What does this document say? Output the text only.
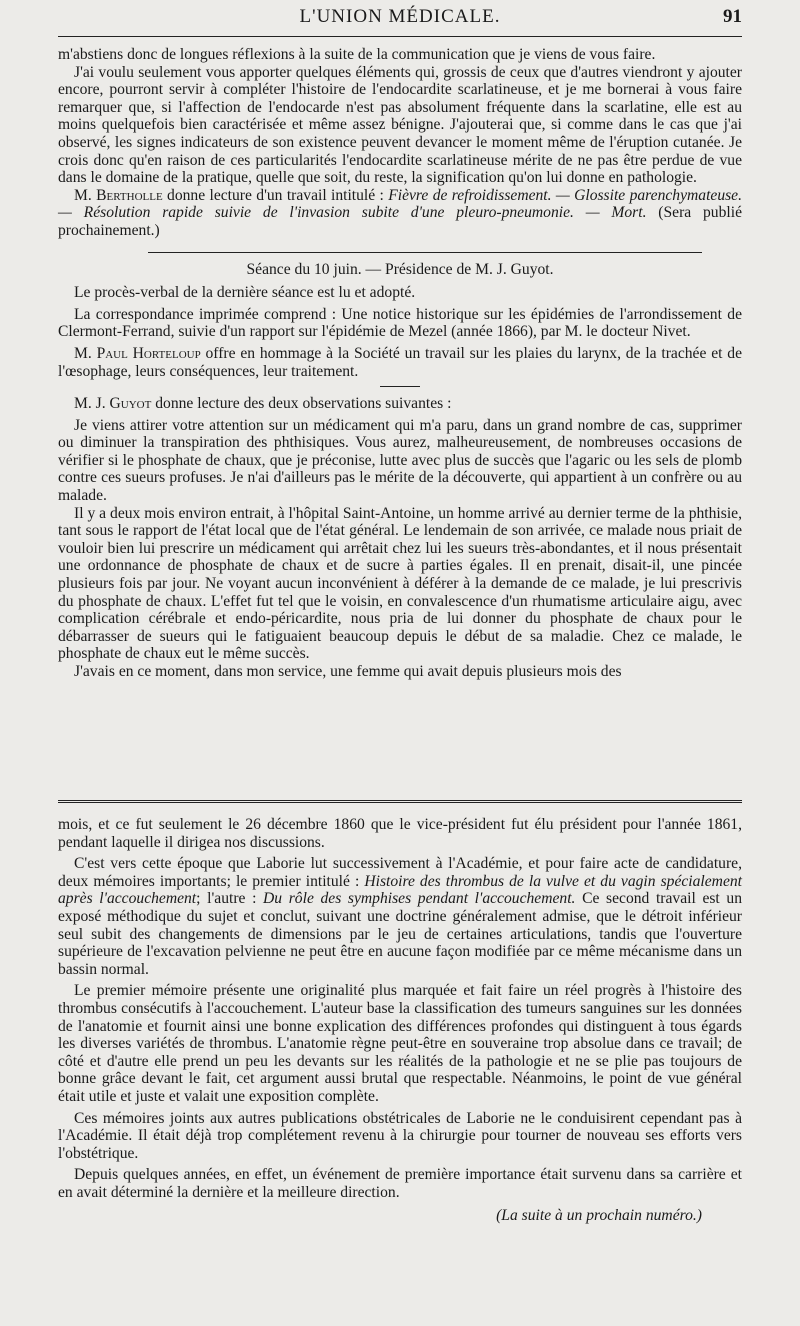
L'UNION MÉDICALE.	91

m'abstiens donc de longues réflexions à la suite de la communication que je viens de vous faire.

J'ai voulu seulement vous apporter quelques éléments qui, grossis de ceux que d'autres viendront y ajouter encore, pourront servir à compléter l'histoire de l'endocardite scarlatineuse, et je me bornerai à vous faire remarquer que, si l'affection de l'endocarde n'est pas absolument fréquente dans la scarlatine, elle est au moins quelquefois bien caractérisée et même assez bénigne. J'ajouterai que, si comme dans le cas que j'ai observé, les signes indicateurs de son existence peuvent devancer le moment même de l'éruption cutanée. Je crois donc qu'en raison de ces particularités l'endocardite scarlatineuse mérite de ne pas être perdue de vue dans le domaine de la pratique, quelle que soit, du reste, la signification qu'on lui donne en pathologie.

M. Bertholle donne lecture d'un travail intitulé : Fièvre de refroidissement. — Glossite parenchymateuse. — Résolution rapide suivie de l'invasion subite d'une pleuro-pneumonie. — Mort. (Sera publié prochainement.)

Séance du 10 juin. — Présidence de M. J. Guyot.

Le procès-verbal de la dernière séance est lu et adopté.

La correspondance imprimée comprend : Une notice historique sur les épidémies de l'arrondissement de Clermont-Ferrand, suivie d'un rapport sur l'épidémie de Mezel (année 1866), par M. le docteur Nivet.

M. Paul Horteloup offre en hommage à la Société un travail sur les plaies du larynx, de la trachée et de l'œsophage, leurs conséquences, leur traitement.

M. J. Guyot donne lecture des deux observations suivantes :

Je viens attirer votre attention sur un médicament qui m'a paru, dans un grand nombre de cas, supprimer ou diminuer la transpiration des phthisiques. Vous aurez, malheureusement, de nombreuses occasions de vérifier si le phosphate de chaux, que je préconise, lutte avec plus de succès que l'agaric ou les sels de plomb contre ces sueurs profuses. Je n'ai d'ailleurs pas le mérite de la découverte, qui appartient à un confrère ou au malade.

Il y a deux mois environ entrait, à l'hôpital Saint-Antoine, un homme arrivé au dernier terme de la phthisie, tant sous le rapport de l'état local que de l'état général. Le lendemain de son arrivée, ce malade nous priait de vouloir bien lui prescrire un médicament qui arrêtait chez lui les sueurs très-abondantes, et il nous présentait une ordonnance de phosphate de chaux et de sucre à parties égales. Il en prenait, disait-il, une pincée plusieurs fois par jour. Ne voyant aucun inconvénient à déférer à la demande de ce malade, je lui prescrivis du phosphate de chaux. L'effet fut tel que le voisin, en convalescence d'un rhumatisme articulaire aigu, avec complication cérébrale et endo-péricardite, nous pria de lui donner du phosphate de chaux pour le débarrasser de sueurs qui le fatiguaient beaucoup depuis le début de sa maladie. Chez ce malade, le phosphate de chaux eut le même succès.

J'avais en ce moment, dans mon service, une femme qui avait depuis plusieurs mois des

mois, et ce fut seulement le 26 décembre 1860 que le vice-président fut élu président pour l'année 1861, pendant laquelle il dirigea nos discussions.

C'est vers cette époque que Laborie lut successivement à l'Académie, et pour faire acte de candidature, deux mémoires importants; le premier intitulé : Histoire des thrombus de la vulve et du vagin spécialement après l'accouchement; l'autre : Du rôle des symphises pendant l'accouchement. Ce second travail est un exposé méthodique du sujet et conclut, suivant une doctrine généralement admise, que le détroit inférieur seul subit des changements de dimensions par le jeu de certaines articulations, tandis que l'ouverture supérieure de l'excavation pelvienne ne peut être en aucune façon modifiée par ce même mécanisme dans un bassin normal.

Le premier mémoire présente une originalité plus marquée et fait faire un réel progrès à l'histoire des thrombus consécutifs à l'accouchement. L'auteur base la classification des tumeurs sanguines sur les données de l'anatomie et fournit ainsi une bonne explication des différences profondes qui distinguent à tous égards les diverses variétés de thrombus. L'anatomie règne peut-être en souveraine trop absolue dans ce travail; de côté et d'autre elle prend un peu les devants sur les réalités de la pathologie et ne se plie pas toujours de bonne grâce devant le fait, cet argument aussi brutal que respectable. Néanmoins, le point de vue général était utile et juste et valait une exposition complète.

Ces mémoires joints aux autres publications obstétricales de Laborie ne le conduisirent cependant pas à l'Académie. Il était déjà trop complétement revenu à la chirurgie pour tourner de nouveau ses efforts vers l'obstétrique.

Depuis quelques années, en effet, un événement de première importance était survenu dans sa carrière et en avait déterminé la dernière et la meilleure direction.

(La suite à un prochain numéro.)
